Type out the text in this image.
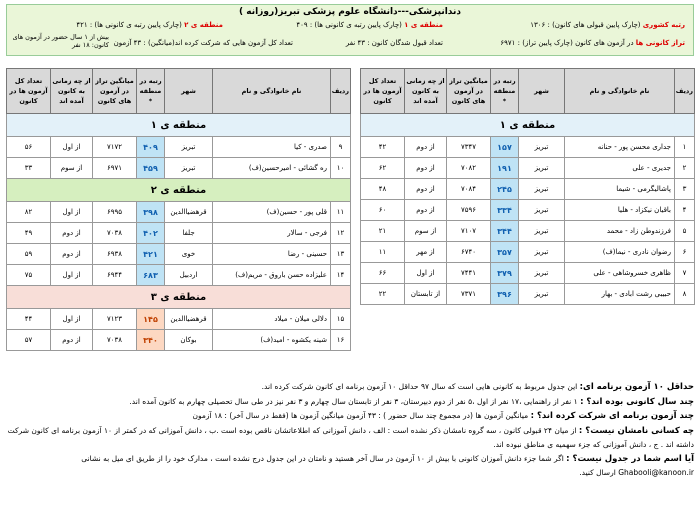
دندانپزشکی---دانشگاه علوم پزشکی تبریز(روزانه )
رتبه کشوری (چارک پایین قبولی های کانون) : ۱۳۰۶
منطقه ی ۱ (چارک پایین رتبه ی کانونی ها) : ۴۰۹
منطقه ی ۲ (چارک پایین رتبه ی کانونی ها) : ۴۲۱
تراز کانونی ها در آزمون های کانون (چارک پایین تراز) : ۶۹۷۱
تعداد قبول شدگان کانون : ۴۳ نفر
تعداد کل آزمون هایی که شرکت کرده اند(میانگین) : ۴۳ آزمون
بیش از ۱ سال حضور در آزمون های کانون: ۱۸ نفر
ردیف	نام خانوادگی و نام	شهر	رتبه در منطقه *	میانگین تراز در آزمون های کانون	از چه زمانی به کانون آمده اند	تعداد کل آزمون ها در کانون
منطقه ی ۱						
۱	جداری محسن پور - حنانه	تبریز	۱۵۷	۷۳۴۷	از دوم	۴۲
۲	جدیری - علی	تبریز	۱۹۱	۷۰۸۲	از دوم	۶۲
۳	پاشالیگرمی - شیما	تبریز	۲۴۵	۷۰۸۴	از دوم	۴۸
۴	باقیان نیکزاد - هلیا	تبریز	۳۳۴	۷۵۹۶	از دوم	۶۰
۵	فرزندوطن زاد - محمد	تبریز	۳۴۴	۷۱۰۷	از سوم	۲۱
۶	رضوان نادری - نیما(ف)	تبریز	۳۵۷	۶۷۴۰	از مهر	۱۱
۷	ظاهری خسروشاهی - علی	تبریز	۳۷۹	۷۴۴۱	از اول	۶۶
۸	حبیبی رشت ابادی - بهار	تبریز	۳۹۶	۷۳۷۱	از تابستان	۲۲
ردیف	نام خانوادگی و نام	شهر	رتبه در منطقه *	میانگین تراز در آزمون های کانون	از چه زمانی به کانون آمده اند	تعداد کل آزمون ها در کانون
منطقه ی ۱						
۹	صدری - کیا	تبریز	۴۰۹	۷۱۷۲	از اول	۵۶
۱۰	ره گشائی - امیرحسین(ف)	تبریز	۴۵۹	۶۹۷۱	از سوم	۳۳
منطقه ی ۲						
۱۱	قلی پور - حسین(ف)	قرهضیاالدین	۳۹۸	۶۹۹۵	از اول	۸۲
۱۲	فرجی - سالار	جلفا	۴۰۲	۷۰۳۸	از دوم	۴۹
۱۳	حسینی - رضا	خوی	۴۲۱	۶۹۳۸	از دوم	۵۹
۱۴	علیزاده حسن باروق - مریم(ف)	اردبیل	۶۸۳	۶۹۴۴	از اول	۷۵
منطقه ی ۳						
۱۵	دلالی میلان - میلاد	قرهضیاالدین	۱۴۵	۷۱۲۳	از اول	۴۴
۱۶	شینه یکشوه - امید(ف)	بوکان	۳۴۰	۷۰۳۸	از دوم	۵۷

حداقل ۱۰ آزمون برنامه ای: این جدول مربوط به کانونی هایی است که سال ۹۷ حداقل ۱۰ آزمون برنامه ای کانون شرکت کرده اند.

چند سال کانونی بوده اند؟ : ۱ نفر از راهنمایی ،۱۷ نفر از اول ،۵ نفر از دوم دبیرستان، ۳ نفر از تابستان سال چهارم و ۳ نفر نیز در طی سال تحصیلی چهارم به کانون آمده اند.

چند آزمون برنامه ای شرکت کرده اند؟ : میانگین آزمون ها (در مجموع چند سال حضور ) : ۴۳ آزمون میانگین آزمون ها (فقط در سال آخر) : ۱۸ آزمون

چه کسانی نامشان نیست؟ : از میان ۲۴ قبولی کانون ، سه گروه نامشان ذکر نشده است : الف ، دانش آموزانی که اطلاعاتشان ناقص بوده است .ب ، دانش آموزانی که در کمتر از ۱۰ آزمون برنامه ای کانون شرکت داشته اند . ج ، دانش آموزانی که جزء سهمیه ی مناطق نبوده اند.

آیا اسم شما در جدول نیست؟ : اگر شما جزء دانش آموزان کانونی با بیش از ۱۰ آزمون در سال آخر هستید و نامتان در این جدول درج نشده است ، مدارک خود را از طریق ای میل به نشانی

Ghabooli@kanoon.ir ارسال کنید.
